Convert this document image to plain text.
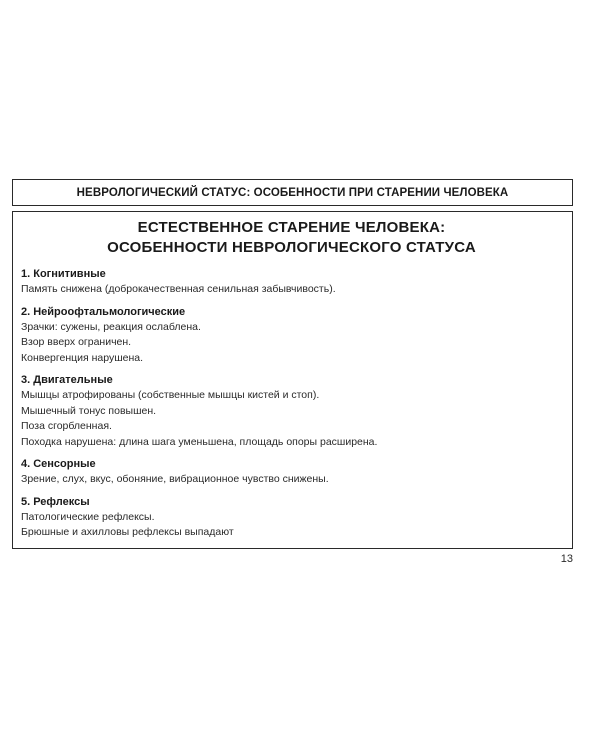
НЕВРОЛОГИЧЕСКИЙ СТАТУС: ОСОБЕННОСТИ ПРИ СТАРЕНИИ ЧЕЛОВЕКА
ЕСТЕСТВЕННОЕ СТАРЕНИЕ ЧЕЛОВЕКА:
ОСОБЕННОСТИ НЕВРОЛОГИЧЕСКОГО СТАТУСА
1. Когнитивные
Память снижена (доброкачественная сенильная забывчивость).
2. Нейроофтальмологические
Зрачки: сужены, реакция ослаблена.
Взор вверх ограничен.
Конвергенция нарушена.
3. Двигательные
Мышцы атрофированы (собственные мышцы кистей и стоп).
Мышечный тонус повышен.
Поза сгорбленная.
Походка нарушена: длина шага уменьшена, площадь опоры расширена.
4. Сенсорные
Зрение, слух, вкус, обоняние, вибрационное чувство снижены.
5. Рефлексы
Патологические рефлексы.
Брюшные и ахилловы рефлексы выпадают
13
